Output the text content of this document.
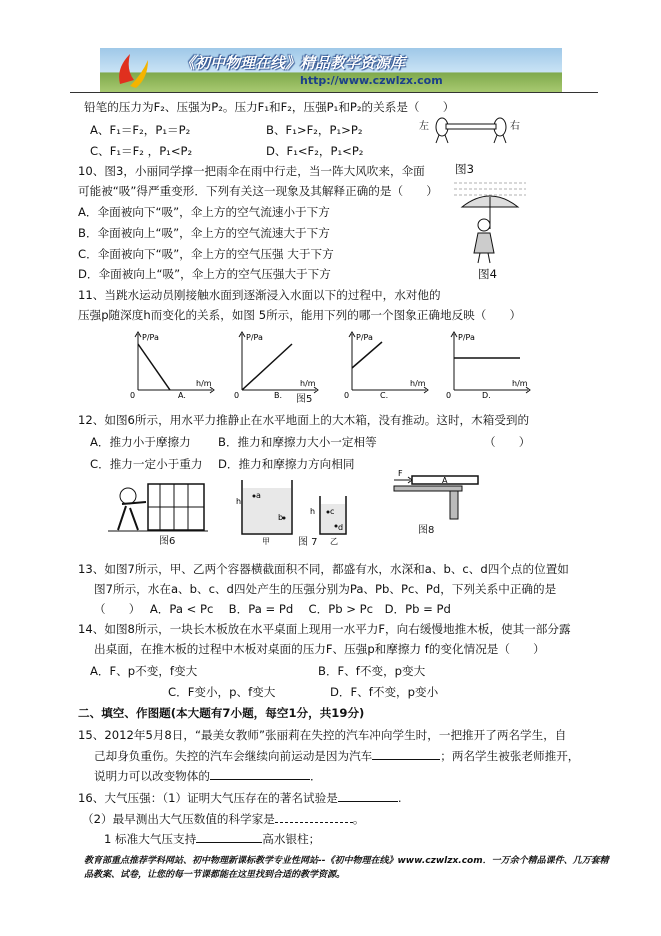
《初中物理在线》精品教学资源库
http://www.czwlzx.com
铅笔的压力为F₂、压强为P₂。压力F₁和F₂，压强P₁和P₂的关系是（　　）
A、F₁＝F₂，P₁＝P₂	B、F₁>F₂，P₁>P₂
C、F₁＝F₂ ，P₁<P₂	D、F₁<F₂，P₁<P₂
左	右
10、图3，小丽同学撑一把雨伞在雨中行走，当一阵大风吹来，伞面	图3
可能被“吸”得严重变形．下列有关这一现象及其解释正确的是（　　）
A．伞面被向下“吸”，伞上方的空气流速小于下方
B．伞面被向上“吸”，伞上方的空气流速大于下方
C．伞面被向下“吸”，伞上方的空气压强 大于下方
D．伞面被向上“吸”，伞上方的空气压强大于下方	图4
11、当跳水运动员刚接触水面到逐渐浸入水面以下的过程中，水对他的
压强p随深度h而变化的关系，如图 5所示，能用下列的哪一个图象正确地反映（　　）
P/Pa
h/m
0	A.
P/Pa
h/m
0	B.
P/Pa
h/m
0	C.
P/Pa
h/m
0	D.
图5
12、如图6所示，用水平力推静止在水平地面上的大木箱，没有推动。这时，木箱受到的
A．推力小于摩擦力 B．推力和摩擦力大小一定相等	（　　）
C．推力一定小于重力 D．推力和摩擦力方向相同
图6
a
b
c
d
h
h
甲	乙
图 7
F
A
图8
13、如图7所示，甲、乙两个容器横截面积不同，都盛有水，水深和a、b、c、d四个点的位置如
图7所示，水在a、b、c、d四处产生的压强分别为Pa、Pb、Pc、Pd，下列关系中正确的是
（　　）　 A．Pa < Pc　 B．Pa = Pd　 C．Pb > Pc　D．Pb = Pd
14、如图8所示，一块长木板放在水平桌面上现用一水平力F，向右缓慢地推木板，使其一部分露
出桌面，在推木板的过程中木板对桌面的压力F、压强p和摩擦力 f的变化情况是（　　）
A．F、p不变，f变大	B．F、f不变，p变大
C．F变小，p、f变大	D．F、f不变，p变小
二、填空、作图题(本大题有7小题，每空1分，共19分)
15、2012年5月8日，“最美女教师”张丽莉在失控的汽车冲向学生时，一把推开了两名学生，自
己却身负重伤。失控的汽车会继续向前运动是因为汽车	；两名学生被张老师推开，
说明力可以改变物体的	．
16、大气压强：（1）证明大气压存在的著名试验是	.
（2）最早测出大气压数值的科学家是	。
1 标准大气压支持	高水银柱；
教育部重点推荐学科网站、初中物理新课标教学专业性网站--《初中物理在线》www.czwlzx.com．一万余个精品课件、几万套精品教案、试卷，让您的每一节课都能在这里找到合适的教学资源。
